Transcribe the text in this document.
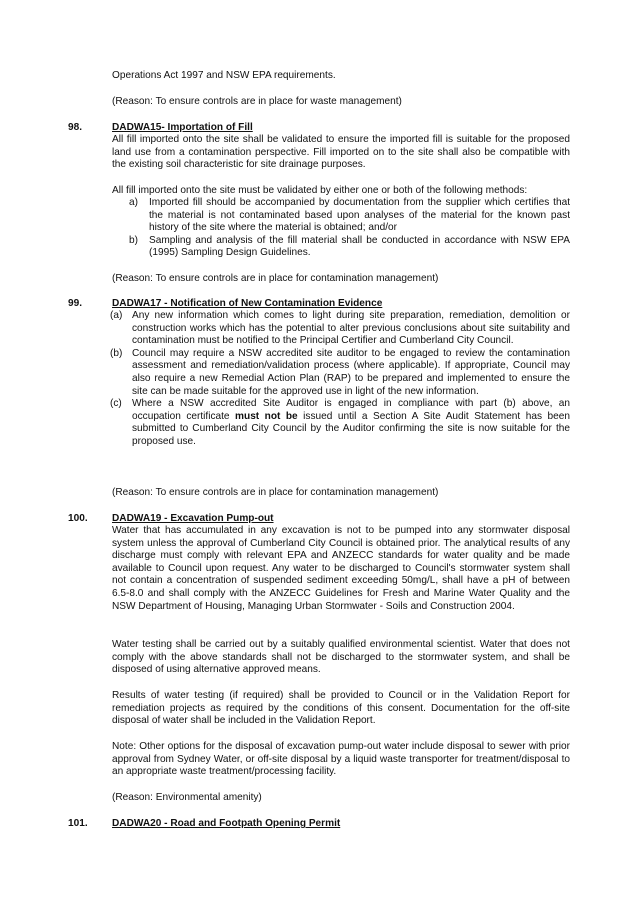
Operations Act 1997 and NSW EPA requirements.

(Reason: To ensure controls are in place for waste management)

98.	DADWA15- Importation of Fill

All fill imported onto the site shall be validated to ensure the imported fill is suitable for the proposed land use from a contamination perspective. Fill imported on to the site shall also be compatible with the existing soil characteristic for site drainage purposes.

All fill imported onto the site must be validated by either one or both of the following methods:

a) Imported fill should be accompanied by documentation from the supplier which certifies that the material is not contaminated based upon analyses of the material for the known past history of the site where the material is obtained; and/or
b) Sampling and analysis of the fill material shall be conducted in accordance with NSW EPA (1995) Sampling Design Guidelines.

(Reason: To ensure controls are in place for contamination management)

99.	DADWA17 - Notification of New Contamination Evidence
(a) Any new information which comes to light during site preparation, remediation, demolition or construction works which has the potential to alter previous conclusions about site suitability and contamination must be notified to the Principal Certifier and Cumberland City Council.
(b) Council may require a NSW accredited site auditor to be engaged to review the contamination assessment and remediation/validation process (where applicable). If appropriate, Council may also require a new Remedial Action Plan (RAP) to be prepared and implemented to ensure the site can be made suitable for the approved use in light of the new information.
(c) Where a NSW accredited Site Auditor is engaged in compliance with part (b) above, an occupation certificate must not be issued until a Section A Site Audit Statement has been submitted to Cumberland City Council by the Auditor confirming the site is now suitable for the proposed use.

(Reason: To ensure controls are in place for contamination management)

100. DADWA19 - Excavation Pump-out

Water that has accumulated in any excavation is not to be pumped into any stormwater disposal system unless the approval of Cumberland City Council is obtained prior. The analytical results of any discharge must comply with relevant EPA and ANZECC standards for water quality and be made available to Council upon request. Any water to be discharged to Council's stormwater system shall not contain a concentration of suspended sediment exceeding 50mg/L, shall have a pH of between 6.5-8.0 and shall comply with the ANZECC Guidelines for Fresh and Marine Water Quality and the NSW Department of Housing, Managing Urban Stormwater - Soils and Construction 2004.

Water testing shall be carried out by a suitably qualified environmental scientist. Water that does not comply with the above standards shall not be discharged to the stormwater system, and shall be disposed of using alternative approved means.

Results of water testing (if required) shall be provided to Council or in the Validation Report for remediation projects as required by the conditions of this consent. Documentation for the off-site disposal of water shall be included in the Validation Report.

Note: Other options for the disposal of excavation pump-out water include disposal to sewer with prior approval from Sydney Water, or off-site disposal by a liquid waste transporter for treatment/disposal to an appropriate waste treatment/processing facility.

(Reason: Environmental amenity)

101. DADWA20 - Road and Footpath Opening Permit
